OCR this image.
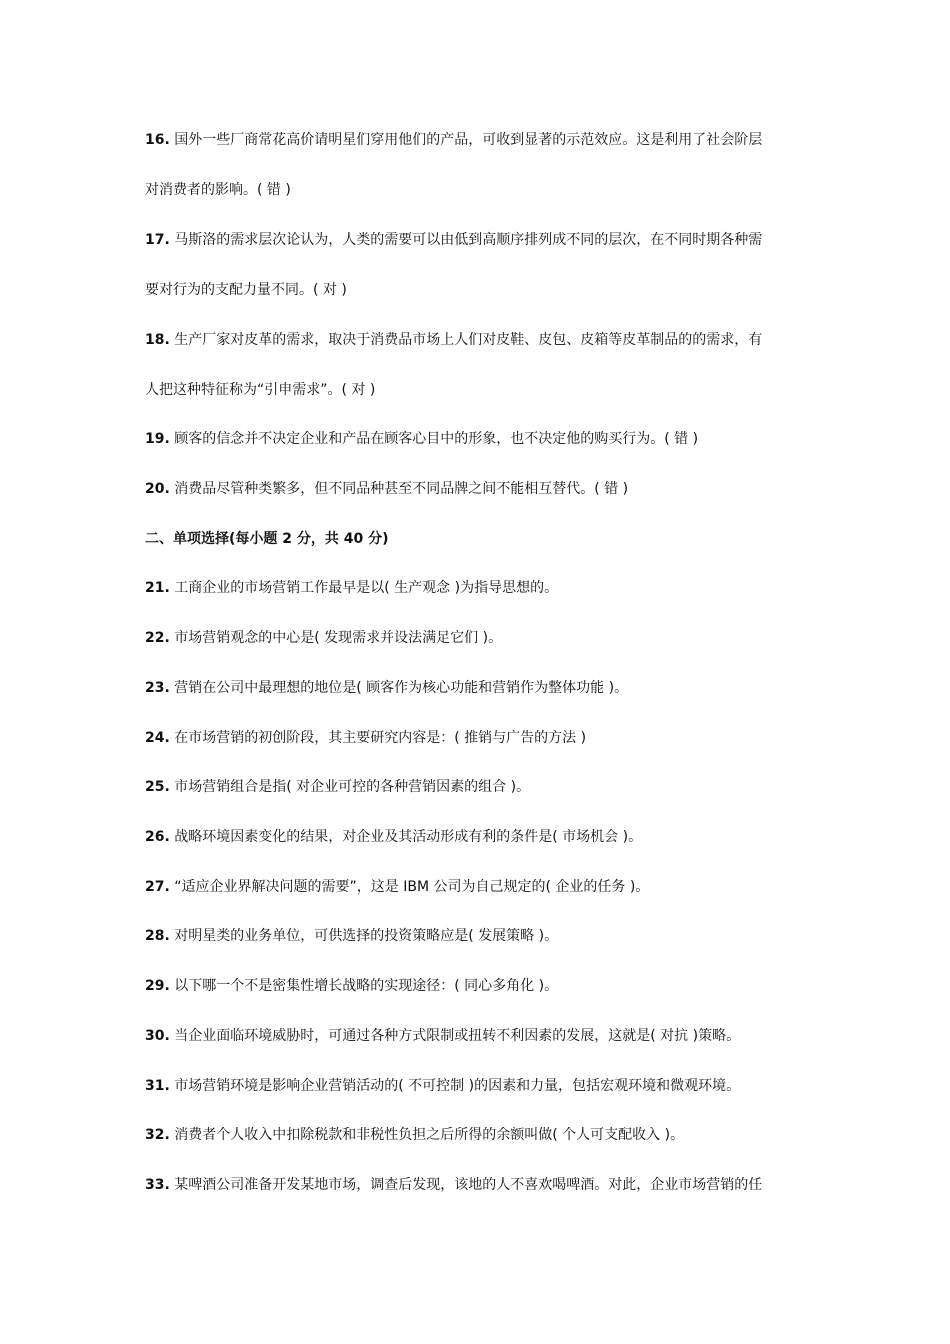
16. 国外一些厂商常花高价请明星们穿用他们的产品，可收到显著的示范效应。这是利用了社会阶层
对消费者的影响。( 错 )
17. 马斯洛的需求层次论认为，人类的需要可以由低到高顺序排列成不同的层次，在不同时期各种需
要对行为的支配力量不同。( 对 )
18. 生产厂家对皮革的需求，取决于消费品市场上人们对皮鞋、皮包、皮箱等皮革制品的的需求，有
人把这种特征称为“引申需求”。( 对 )
19. 顾客的信念并不决定企业和产品在顾客心目中的形象，也不决定他的购买行为。( 错 )
20. 消费品尽管种类繁多，但不同品种甚至不同品牌之间不能相互替代。( 错 )
二、单项选择(每小题 2 分，共 40 分)
21. 工商企业的市场营销工作最早是以( 生产观念 )为指导思想的。
22. 市场营销观念的中心是( 发现需求并设法满足它们 )。
23. 营销在公司中最理想的地位是( 顾客作为核心功能和营销作为整体功能 )。
24. 在市场营销的初创阶段，其主要研究内容是：( 推销与广告的方法 )
25. 市场营销组合是指( 对企业可控的各种营销因素的组合 )。
26. 战略环境因素变化的结果，对企业及其活动形成有利的条件是( 市场机会 )。
27. “适应企业界解决问题的需要”，这是 IBM 公司为自己规定的( 企业的任务 )。
28. 对明星类的业务单位，可供选择的投资策略应是( 发展策略 )。
29. 以下哪一个不是密集性增长战略的实现途径：( 同心多角化 )。
30. 当企业面临环境威胁时，可通过各种方式限制或扭转不利因素的发展，这就是( 对抗 )策略。
31. 市场营销环境是影响企业营销活动的( 不可控制 )的因素和力量，包括宏观环境和微观环境。
32. 消费者个人收入中扣除税款和非税性负担之后所得的余额叫做( 个人可支配收入 )。
33. 某啤酒公司准备开发某地市场，调查后发现，该地的人不喜欢喝啤酒。对此，企业市场营销的任
